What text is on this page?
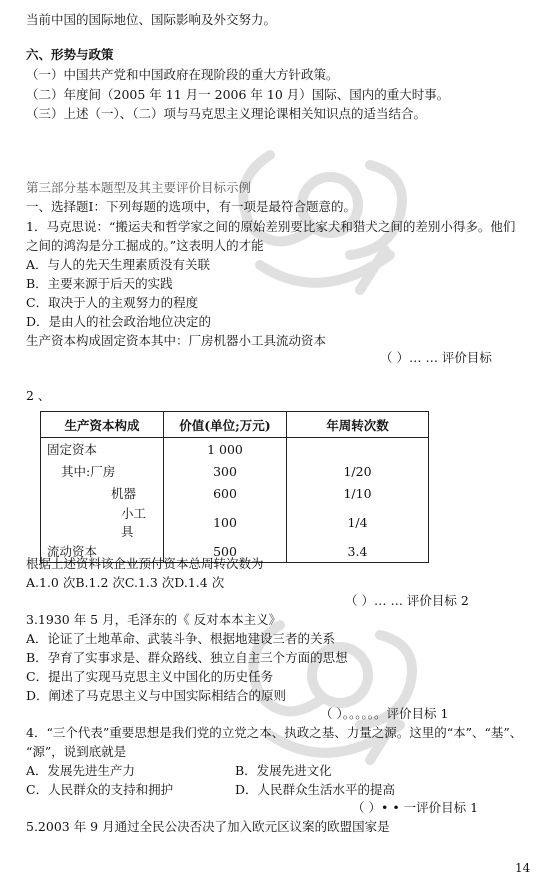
当前中国的国际地位、国际影响及外交努力。
六、形势与政策
（一）中国共产党和中国政府在现阶段的重大方针政策。
（二）年度间（2005 年 11 月一 2006 年 10 月）国际、国内的重大时事。
（三）上述（一）、（二）项与马克思主义理论课相关知识点的适当结合。
第三部分基本题型及其主要评价目标示例
一、选择题Ⅰ：下列每题的选项中，有一项是最符合题意的。
1．马克思说：“搬运夫和哲学家之间的原始差别要比家犬和猎犬之间的差别小得多。他们
之间的鸿沟是分工掘成的。”这表明人的才能
A．与人的先天生理素质没有关联
B．主要来源于后天的实践
C．取决于人的主观努力的程度
D．是由人的社会政治地位决定的
生产资本构成固定资本其中：厂房机器小工具流动资本
（ ）… … 评价目标
2 、
生产资本构成	价值(单位;万元)	年周转次数
固定资本	1 000	
其中:厂房	300	1/20
机器	600	1/10
小工具	100	1/4
流动资本	500	3.4
根据上述资料该企业预付资本总周转次数为
A.1.0 次B.1.2 次C.1.3 次D.1.4 次
（ ）… … 评价目标 2
3.1930 年 5 月，毛泽东的《 反对本本主义》
A．论证了土地革命、武装斗争、根据地建设三者的关系
B．孕育了实事求是、群众路线、独立自主三个方面的思想
C．提出了实现马克思主义中国化的历史任务
D．阐述了马克思主义与中国实际相结合的原则
（ ）。。。。。。评价目标 1
4．“三个代表”重要思想是我们党的立党之本、执政之基、力量之源。这里的“本”、“基”、
“源”，说到底就是
A．发展先进生产力	B．发展先进文化
C．人民群众的支持和拥护	D．人民群众生活水平的提高
（ ）• • 一评价目标 1
5.2003 年 9 月通过全民公决否决了加入欧元区议案的欧盟国家是
14
